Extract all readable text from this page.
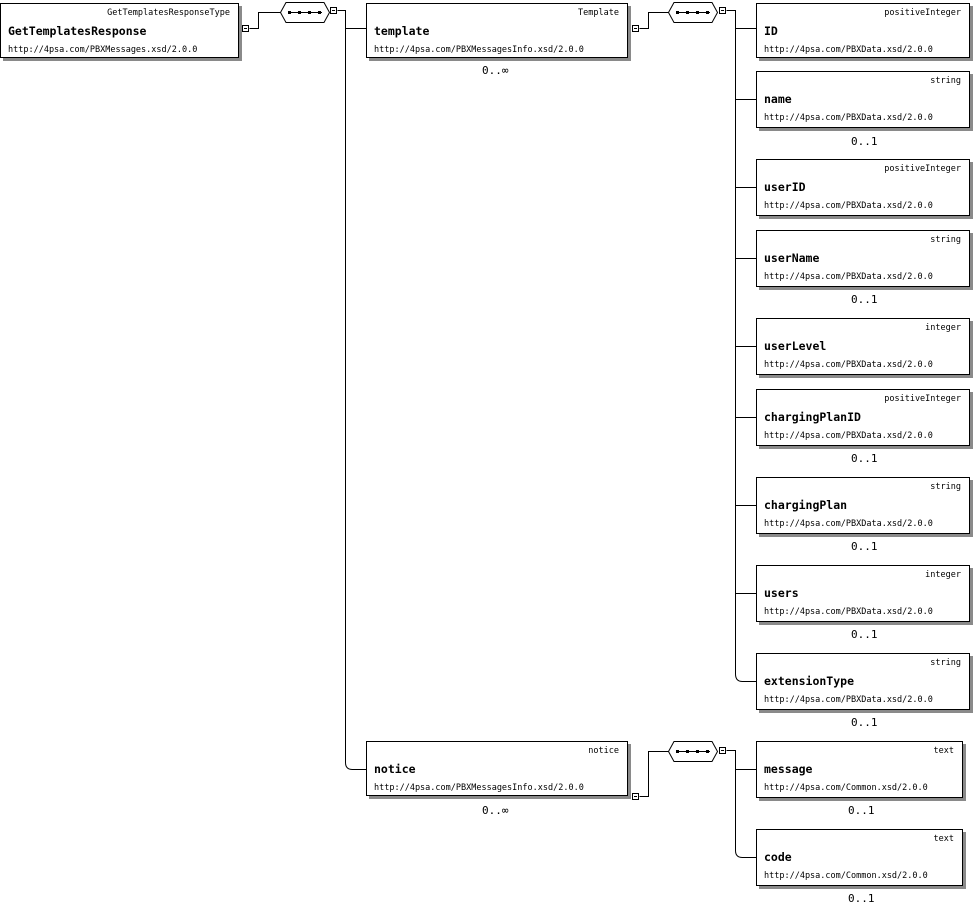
GetTemplatesResponseType
GetTemplatesResponse
http://4psa.com/PBXMessages.xsd/2.0.0
Template
template
http://4psa.com/PBXMessagesInfo.xsd/2.0.0
0..∞
notice
notice
http://4psa.com/PBXMessagesInfo.xsd/2.0.0
0..∞
positiveInteger
ID
http://4psa.com/PBXData.xsd/2.0.0
string
name
http://4psa.com/PBXData.xsd/2.0.0
0..1
positiveInteger
userID
http://4psa.com/PBXData.xsd/2.0.0
string
userName
http://4psa.com/PBXData.xsd/2.0.0
0..1
integer
userLevel
http://4psa.com/PBXData.xsd/2.0.0
positiveInteger
chargingPlanID
http://4psa.com/PBXData.xsd/2.0.0
0..1
string
chargingPlan
http://4psa.com/PBXData.xsd/2.0.0
0..1
integer
users
http://4psa.com/PBXData.xsd/2.0.0
0..1
string
extensionType
http://4psa.com/PBXData.xsd/2.0.0
0..1
text
message
http://4psa.com/Common.xsd/2.0.0
0..1
text
code
http://4psa.com/Common.xsd/2.0.0
0..1
